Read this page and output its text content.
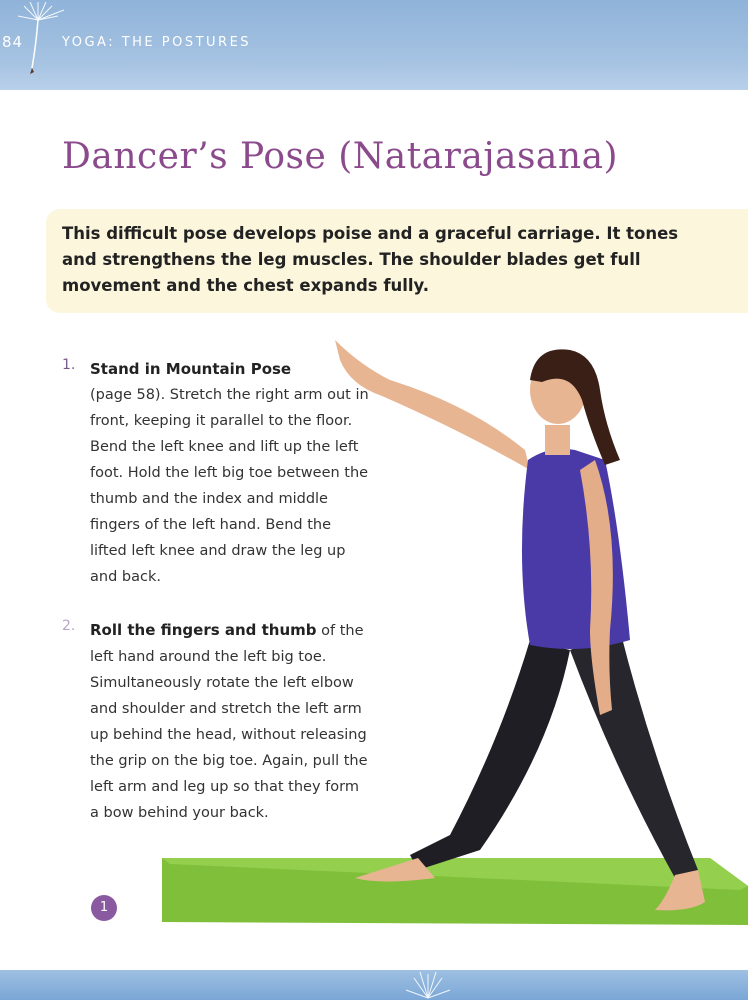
84	YOGA: THE POSTURES
Dancer’s Pose (Natarajasana)

This difficult pose develops poise and a graceful carriage. It tones and strengthens the leg muscles. The shoulder blades get full movement and the chest expands fully.

1. Stand in Mountain Pose
(page 58). Stretch the right arm out in front, keeping it parallel to the floor. Bend the left knee and lift up the left foot. Hold the left big toe between the thumb and the index and middle fingers of the left hand. Bend the lifted left knee and draw the leg up and back.

2. Roll the fingers and thumb of the left hand around the left big toe. Simultaneously rotate the left elbow and shoulder and stretch the left arm up behind the head, without releasing the grip on the big toe. Again, pull the left arm and leg up so that they form a bow behind your back.

1
